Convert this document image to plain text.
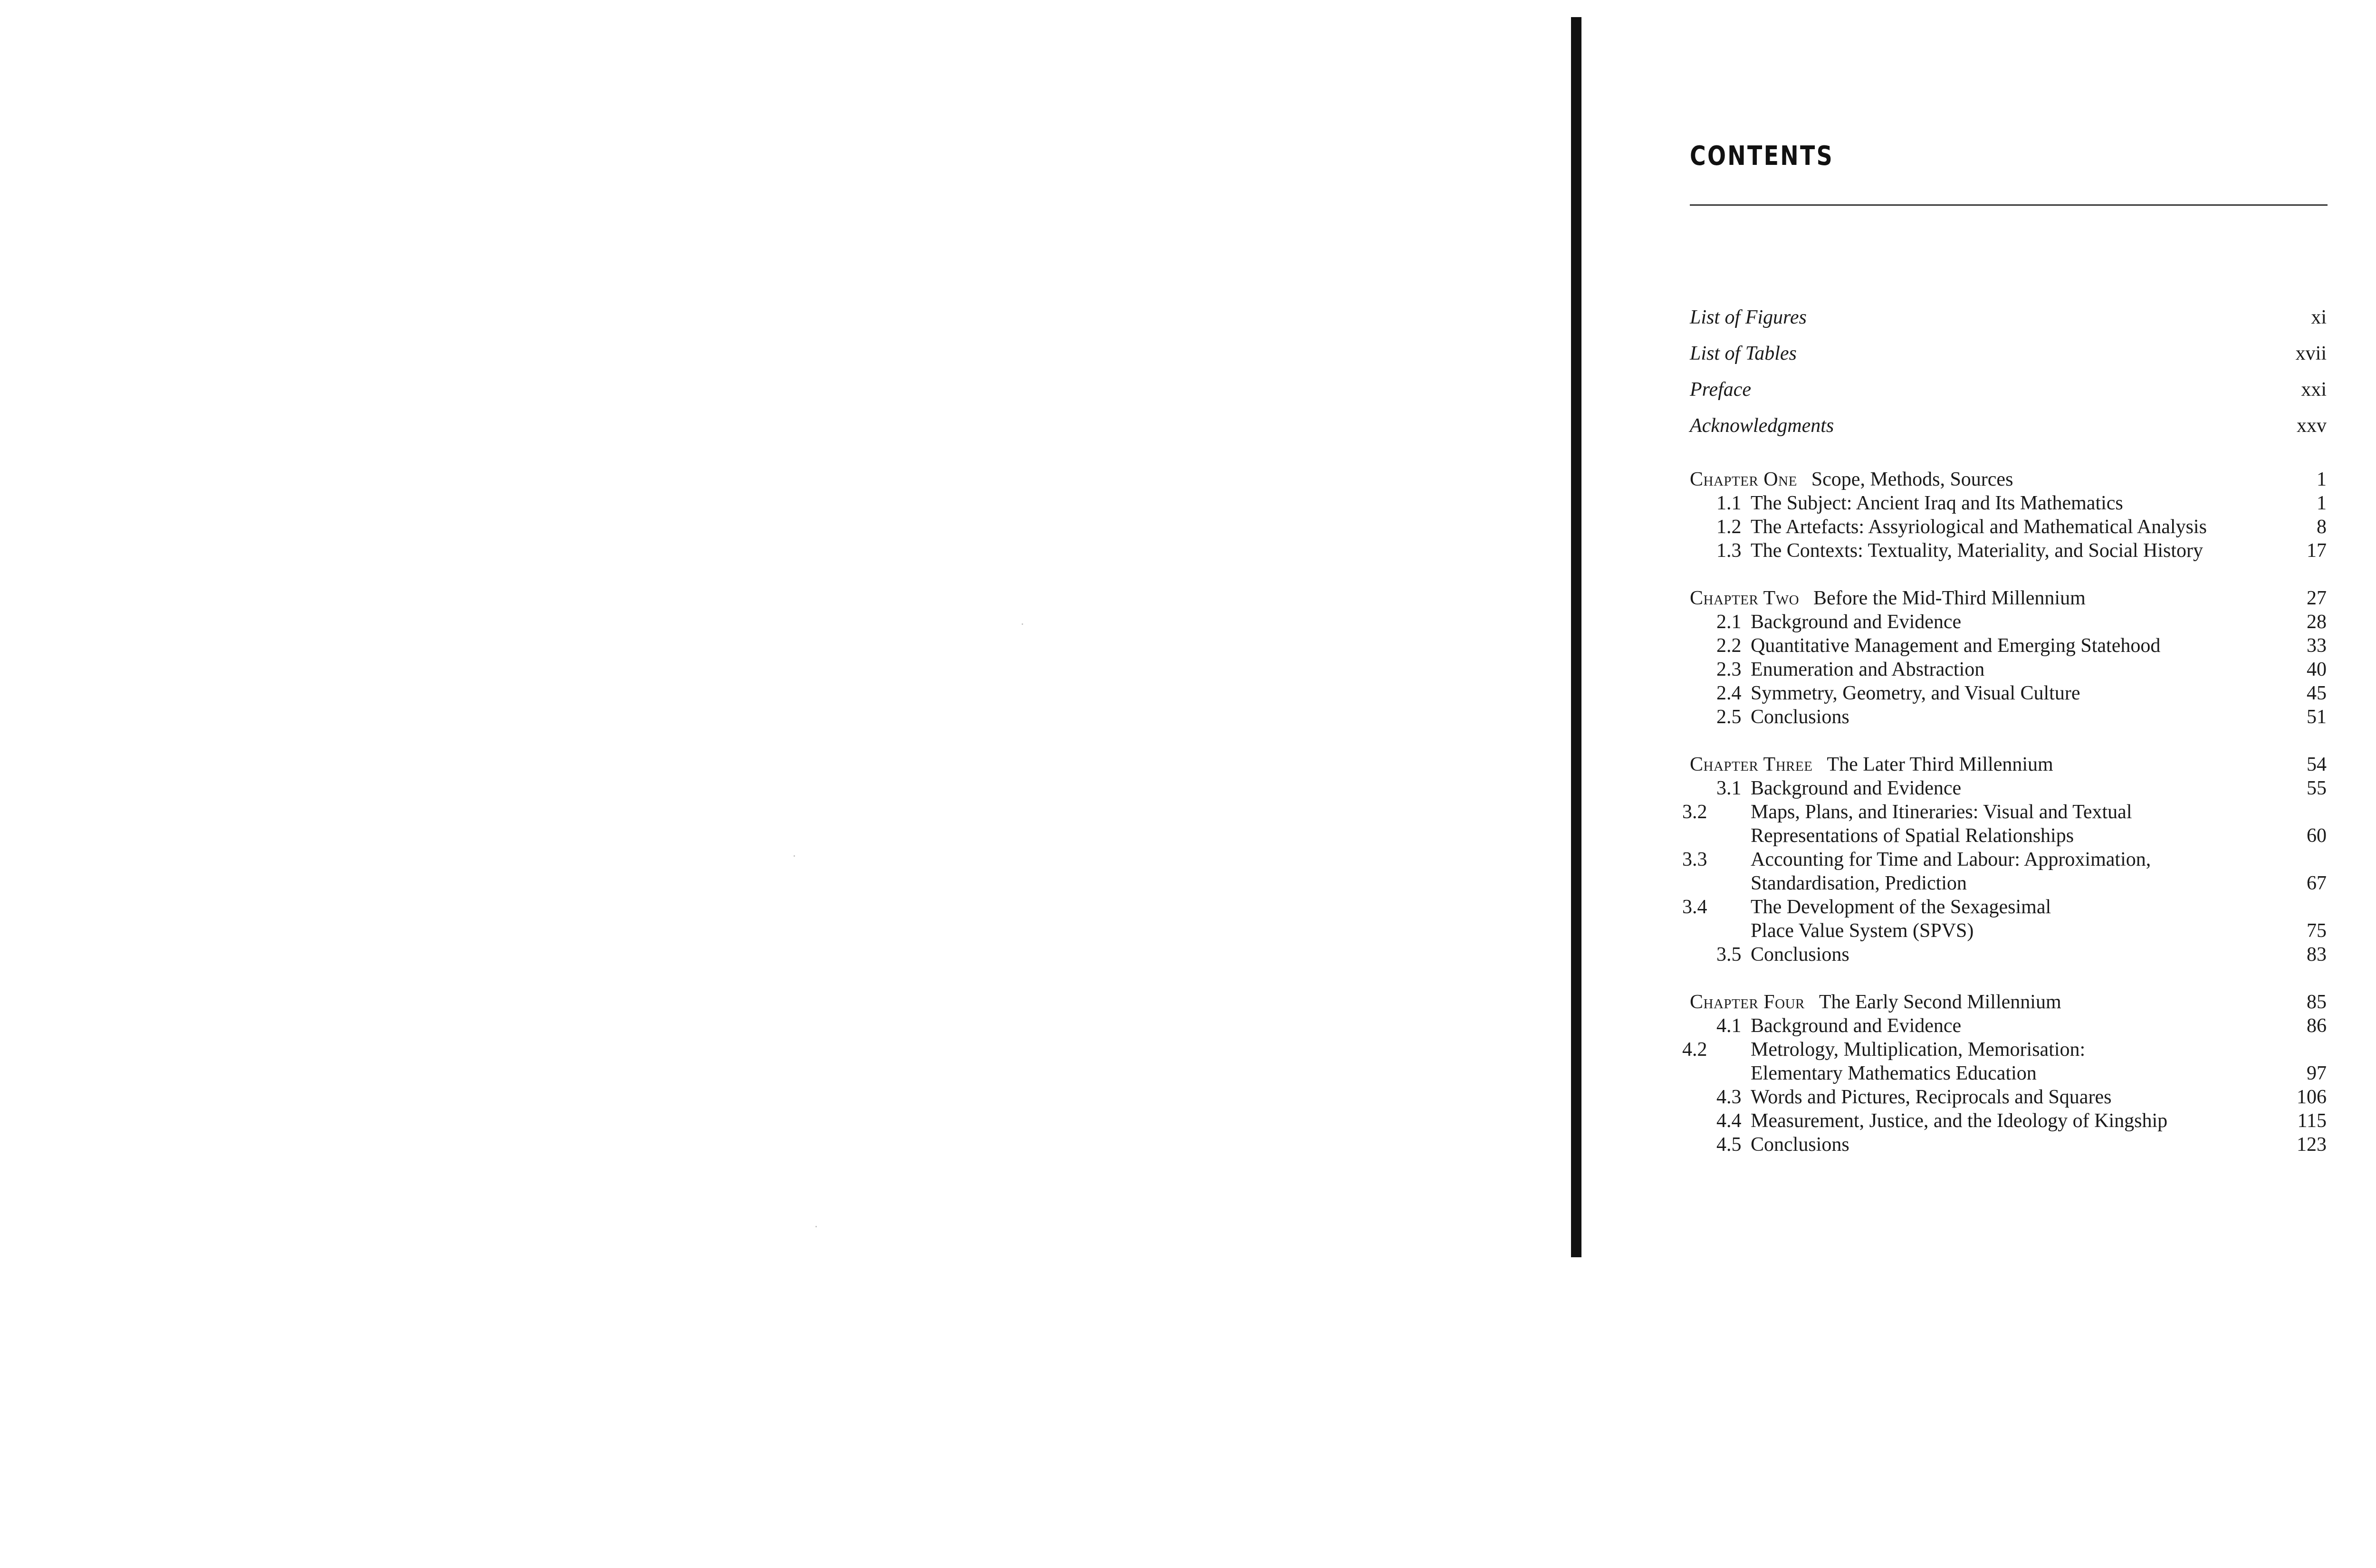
CONTENTS
List of Figures	xi
List of Tables	xvii
Preface	xxi
Acknowledgments	xxv
Chapter One Scope, Methods, Sources	1
1.1 The Subject: Ancient Iraq and Its Mathematics	1
1.2 The Artefacts: Assyriological and Mathematical Analysis	8
1.3 The Contexts: Textuality, Materiality, and Social History	17
Chapter Two Before the Mid-Third Millennium	27
2.1 Background and Evidence	28
2.2 Quantitative Management and Emerging Statehood	33
2.3 Enumeration and Abstraction	40
2.4 Symmetry, Geometry, and Visual Culture	45
2.5 Conclusions	51
Chapter Three The Later Third Millennium	54
3.1 Background and Evidence	55
3.2 Maps, Plans, and Itineraries: Visual and Textual Representations of Spatial Relationships	60
3.3 Accounting for Time and Labour: Approximation, Standardisation, Prediction	67
3.4 The Development of the Sexagesimal Place Value System (SPVS)	75
3.5 Conclusions	83
Chapter Four The Early Second Millennium	85
4.1 Background and Evidence	86
4.2 Metrology, Multiplication, Memorisation: Elementary Mathematics Education	97
4.3 Words and Pictures, Reciprocals and Squares	106
4.4 Measurement, Justice, and the Ideology of Kingship	115
4.5 Conclusions	123
